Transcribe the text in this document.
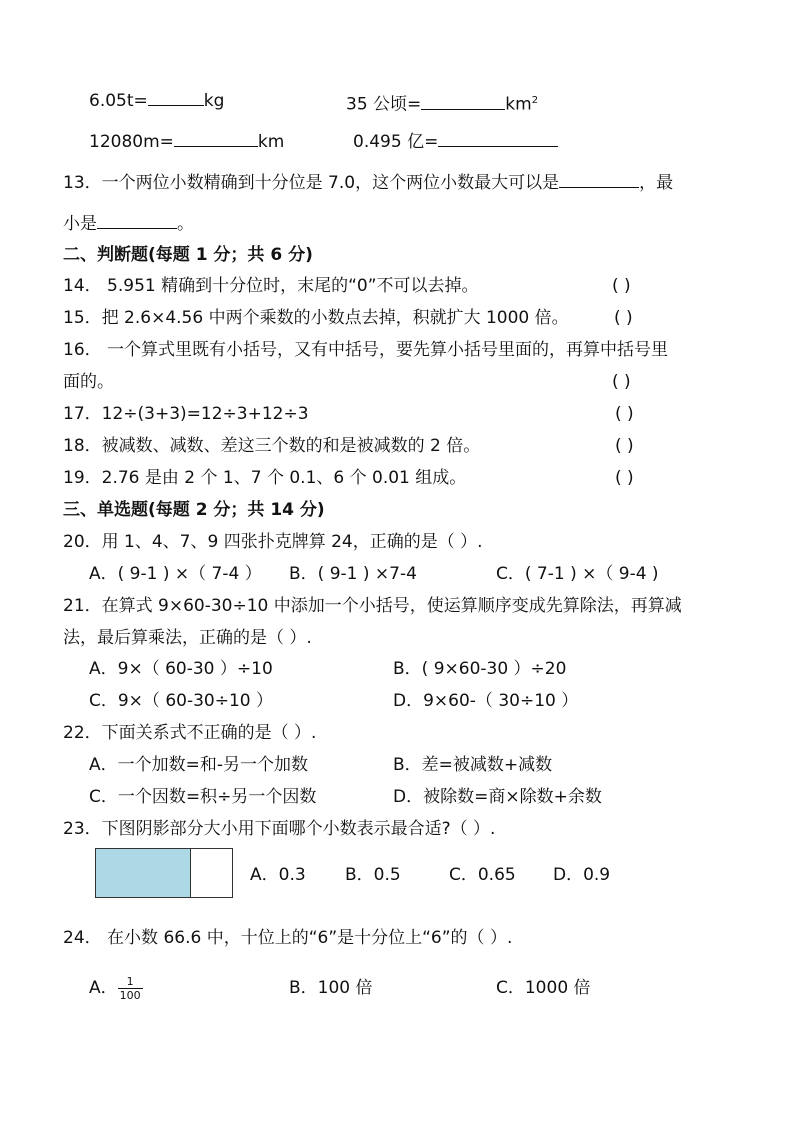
6.05t=	kg	35 公顷=	$km^2$
12080m=	km	0.495 亿=
13．一个两位小数精确到十分位是 7.0，这个两位小数最大可以是	，最
小是	。
二、判断题(每题 1 分；共 6 分)
14． 5.951 精确到十分位时，末尾的“0”不可以去掉。	( )
15．把 2.6×4.56 中两个乘数的小数点去掉，积就扩大 1000 倍。	( )
16． 一个算式里既有小括号，又有中括号，要先算小括号里面的，再算中括号里
面的。	( )
17．12÷(3+3)=12÷3+12÷3	( )
18．被减数、减数、差这三个数的和是被减数的 2 倍。	( )
19．2.76 是由 2 个 1、7 个 0.1、6 个 0.01 组成。	( )
三、单选题(每题 2 分；共 14 分)
20．用 1、4、7、9 四张扑克牌算 24，正确的是（ ）.
A．( 9-1 ) ×（ 7-4 ） B．( 9-1 ) ×7-4	C．( 7-1 ) ×（ 9-4 )
21．在算式 9×60-30÷10 中添加一个小括号，使运算顺序变成先算除法，再算减
法，最后算乘法，正确的是（ ）.
A．9×（ 60-30 ）÷10	B．( 9×60-30 ）÷20
C．9×（ 60-30÷10 ）	D．9×60-（ 30÷10 ）
22．下面关系式不正确的是（ ）.
A．一个加数=和-另一个加数	B．差=被减数+减数
C．一个因数=积÷另一个因数	D．被除数=商×除数+余数
23．下图阴影部分大小用下面哪个小数表示最合适?（ ）.
A．0.3 B．0.5	C．0.65 D．0.9
24． 在小数 66.6 中，十位上的“6”是十分位上“6”的（ ）.
A． $\frac{1}{100}$	B．100 倍	C．1000 倍
